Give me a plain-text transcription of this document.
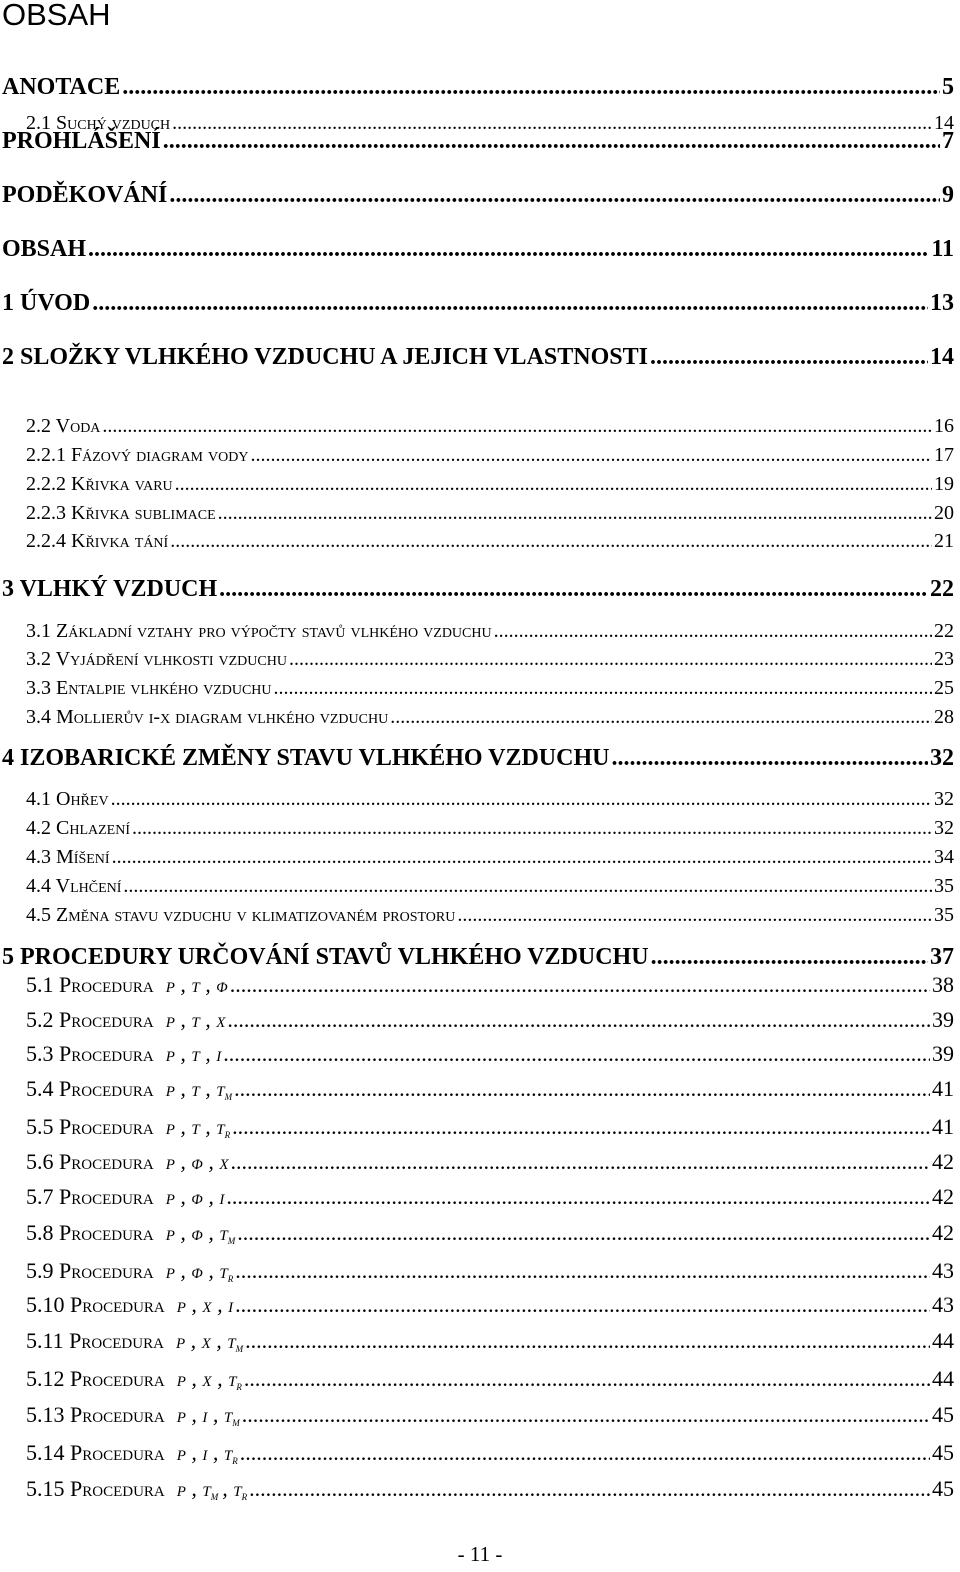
OBSAH
ANOTACE .....	5
PROHLÁŠENÍ .....	7
PODĚKOVÁNÍ .....	9
OBSAH .....	11
1 ÚVOD .....	13
2 SLOŽKY VLHKÉHO VZDUCHU A JEJICH VLASTNOSTI .....	14
2.1 Suchý vzduch .....	14
2.2 Voda .....	16
2.2.1 Fázový diagram vody .....	17
2.2.2 Křivka varu .....	19
2.2.3 Křivka sublimace .....	20
2.2.4 Křivka tání .....	21
3 VLHKÝ VZDUCH .....	22
3.1 Základní vztahy pro výpočty stavů vlhkého vzduchu .....	22
3.2 Vyjádření vlhkosti vzduchu .....	23
3.3 Entalpie vlhkého vzduchu .....	25
3.4 Mollierův i-x diagram vlhkého vzduchu .....	28
4 IZOBARICKÉ ZMĚNY STAVU VLHKÉHO VZDUCHU .....	32
4.1 Ohřev .....	32
4.2 Chlazení .....	32
4.3 Míšení .....	34
4.4 Vlhčení .....	35
4.5 Změna stavu vzduchu v klimatizovaném prostoru .....	35
5 PROCEDURY URČOVÁNÍ STAVŮ VLHKÉHO VZDUCHU .....	37
5.1 Procedura p , t , φ .....	38
5.2 Procedura p , t , x .....	39
5.3 Procedura p , t , i .....	39
5.4 Procedura p , t , $t_m$ .....	41
5.5 Procedura p , t , $t_r$ .....	41
5.6 Procedura p , φ , x .....	42
5.7 Procedura p , φ , i .....	42
5.8 Procedura p , φ , $t_m$ .....	42
5.9 Procedura p , φ , $t_r$ .....	43
5.10 Procedura p , x , i .....	43
5.11 Procedura p , x , $t_m$ .....	44
5.12 Procedura p , x , $t_r$ .....	44
5.13 Procedura p , i , $t_m$ .....	45
5.14 Procedura p , i , $t_r$ .....	45
5.15 Procedura p , $t_m$ , $t_r$ .....	45
- 11 -
